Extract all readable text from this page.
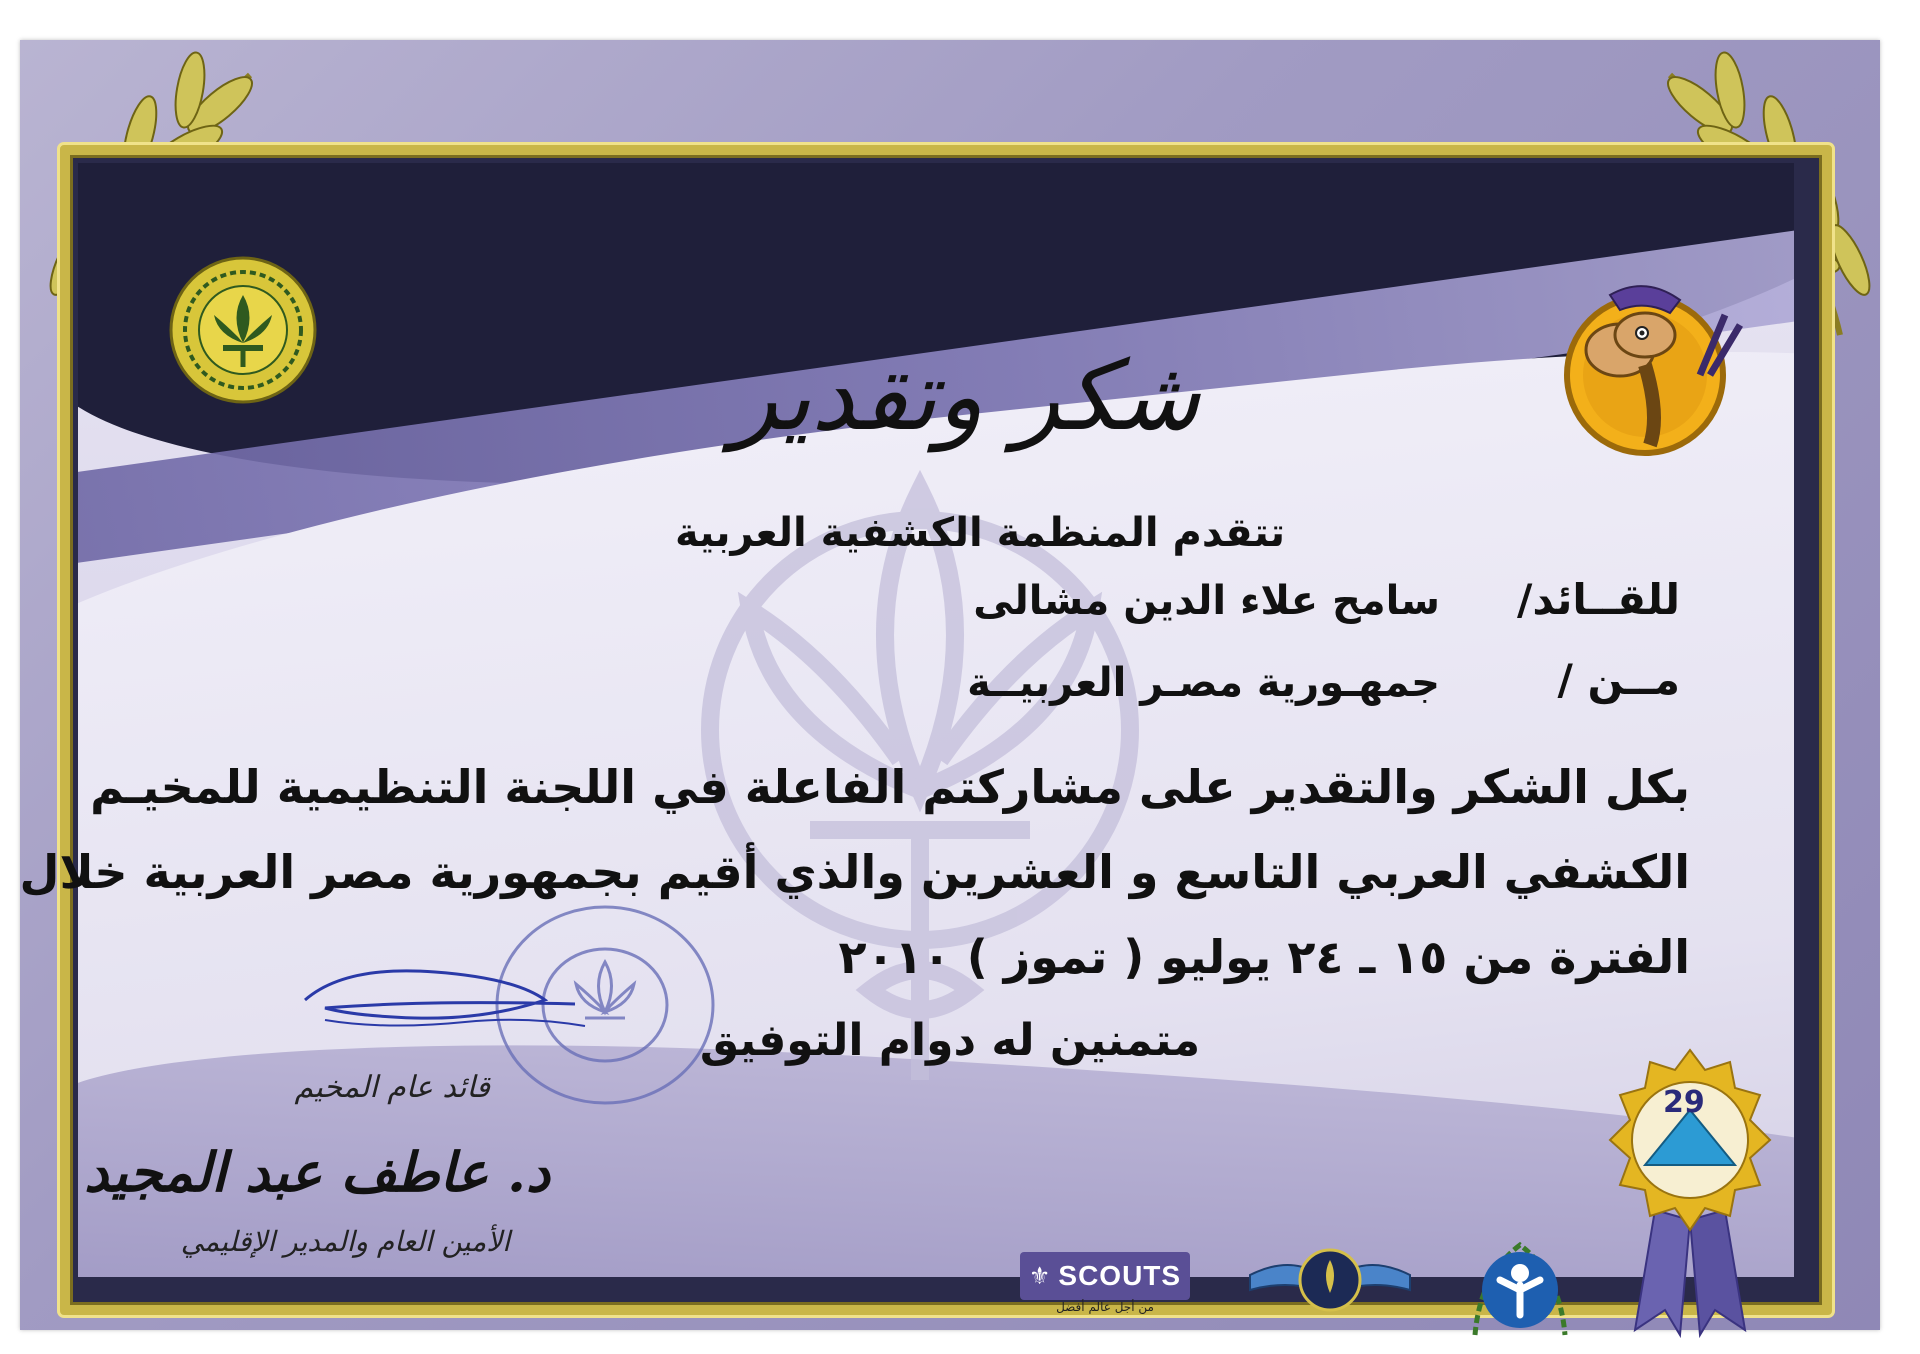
شكر وتقدير
تتقدم المنظمة الكشفية العربية
للقــائد/
سامح علاء الدين مشالى
مــن /
جمهـورية مصـر العربيــة
بكل الشكر والتقدير على مشاركتم الفاعلة في اللجنة التنظيمية للمخيـم
الكشفي العربي التاسع و العشرين والذي أقيم بجمهورية مصر العربية خلال
الفترة من ١٥ ـ ٢٤ يوليو ( تموز ) ٢٠١٠
متمنين له دوام التوفيق
قائد عام المخيم
د. عاطف عبد المجيد
الأمين العام والمدير الإقليمي
⚜ SCOUTS
من أجل عالم أفضل
29
